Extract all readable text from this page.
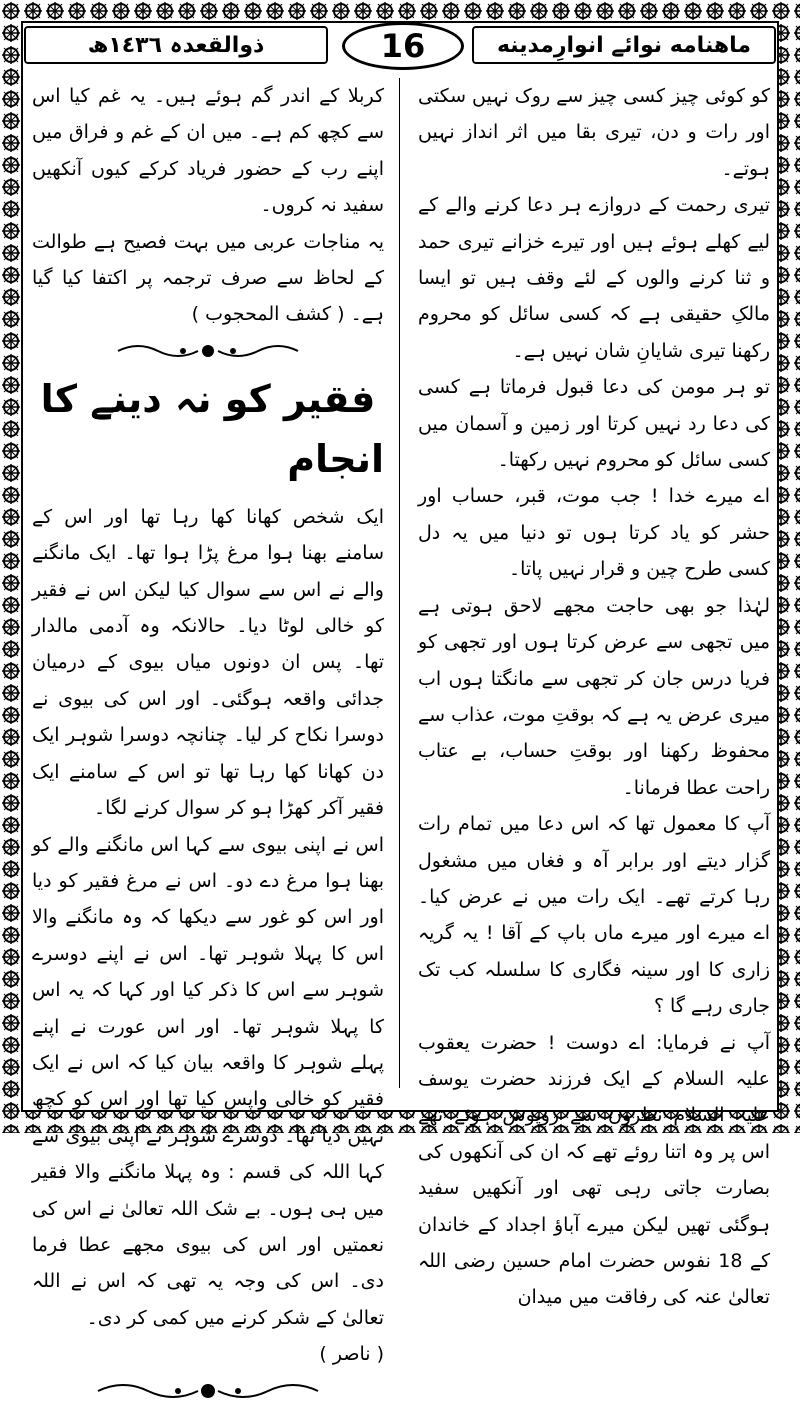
ماهنامه نوائے انوارِمدینه
16
ذوالقعدہ ١٤٣٦ھ

کو کوئی چیز کسی چیز سے روک نہیں سکتی اور رات و دن، تیری بقا میں اثر انداز نہیں ہوتے۔

تیری رحمت کے دروازے ہر دعا کرنے والے کے لیے کھلے ہوئے ہیں اور تیرے خزانے تیری حمد و ثنا کرنے والوں کے لئے وقف ہیں تو ایسا مالکِ حقیقی ہے کہ کسی سائل کو محروم رکھنا تیری شایانِ شان نہیں ہے۔

تو ہر مومن کی دعا قبول فرماتا ہے کسی کی دعا رد نہیں کرتا اور زمین و آسمان میں کسی سائل کو محروم نہیں رکھتا۔

اے میرے خدا ! جب موت، قبر، حساب اور حشر کو یاد کرتا ہوں تو دنیا میں یہ دل کسی طرح چین و قرار نہیں پاتا۔

لہٰذا جو بھی حاجت مجھے لاحق ہوتی ہے میں تجھی سے عرض کرتا ہوں اور تجھی کو فریا درس جان کر تجھی سے مانگتا ہوں اب میری عرض یہ ہے کہ بوقتِ موت، عذاب سے محفوظ رکھنا اور بوقتِ حساب، بے عتاب راحت عطا فرمانا۔

آپ کا معمول تھا کہ اس دعا میں تمام رات گزار دیتے اور برابر آہ و فغاں میں مشغول رہا کرتے تھے۔ ایک رات میں نے عرض کیا۔ اے میرے اور میرے ماں باپ کے آقا ! یہ گریہ زاری کا اور سینہ فگاری کا سلسلہ کب تک جاری رہے گا ؟

آپ نے فرمایا: اے دوست ! حضرت یعقوب علیہ السلام کے ایک فرزند حضرت یوسف علیہ السلام نظروں سے روپوش ہوئے تھے اس پر وہ اتنا روئے تھے کہ ان کی آنکھوں کی بصارت جاتی رہی تھی اور آنکھیں سفید ہوگئی تھیں لیکن میرے آباؤ اجداد کے خاندان کے 18 نفوس حضرت امام حسین رضی اللہ تعالیٰ عنہ کی رفاقت میں میدان

کربلا کے اندر گم ہوئے ہیں۔ یہ غم کیا اس سے کچھ کم ہے۔ میں ان کے غم و فراق میں اپنے رب کے حضور فریاد کرکے کیوں آنکھیں سفید نہ کروں۔

یہ مناجات عربی میں بہت فصیح ہے طوالت کے لحاظ سے صرف ترجمہ پر اکتفا کیا گیا ہے۔ ( کشف المحجوب )

فقیر کو نہ دینے کا انجام

ایک شخص کھانا کھا رہا تھا اور اس کے سامنے بھنا ہوا مرغ پڑا ہوا تھا۔ ایک مانگنے والے نے اس سے سوال کیا لیکن اس نے فقیر کو خالی لوٹا دیا۔ حالانکہ وہ آدمی مالدار تھا۔ پس ان دونوں میاں بیوی کے درمیان جدائی واقعہ ہوگئی۔ اور اس کی بیوی نے دوسرا نکاح کر لیا۔ چنانچہ دوسرا شوہر ایک دن کھانا کھا رہا تھا تو اس کے سامنے ایک فقیر آکر کھڑا ہو کر سوال کرنے لگا۔

اس نے اپنی بیوی سے کہا اس مانگنے والے کو بھنا ہوا مرغ دے دو۔ اس نے مرغ فقیر کو دیا اور اس کو غور سے دیکھا کہ وہ مانگنے والا اس کا پہلا شوہر تھا۔ اس نے اپنے دوسرے شوہر سے اس کا ذکر کیا اور کہا کہ یہ اس کا پہلا شوہر تھا۔ اور اس عورت نے اپنے پہلے شوہر کا واقعہ بیان کیا کہ اس نے ایک فقیر کو خالی واپس کیا تھا اور اس کو کچھ نہیں دیا تھا۔ دوسرے شوہر نے اپنی بیوی سے کہا اللہ کی قسم : وہ پہلا مانگنے والا فقیر میں ہی ہوں۔ بے شک اللہ تعالیٰ نے اس کی نعمتیں اور اس کی بیوی مجھے عطا فرما دی۔ اس کی وجہ یہ تھی کہ اس نے اللہ تعالیٰ کے شکر کرنے میں کمی کر دی۔

( ناصر )
